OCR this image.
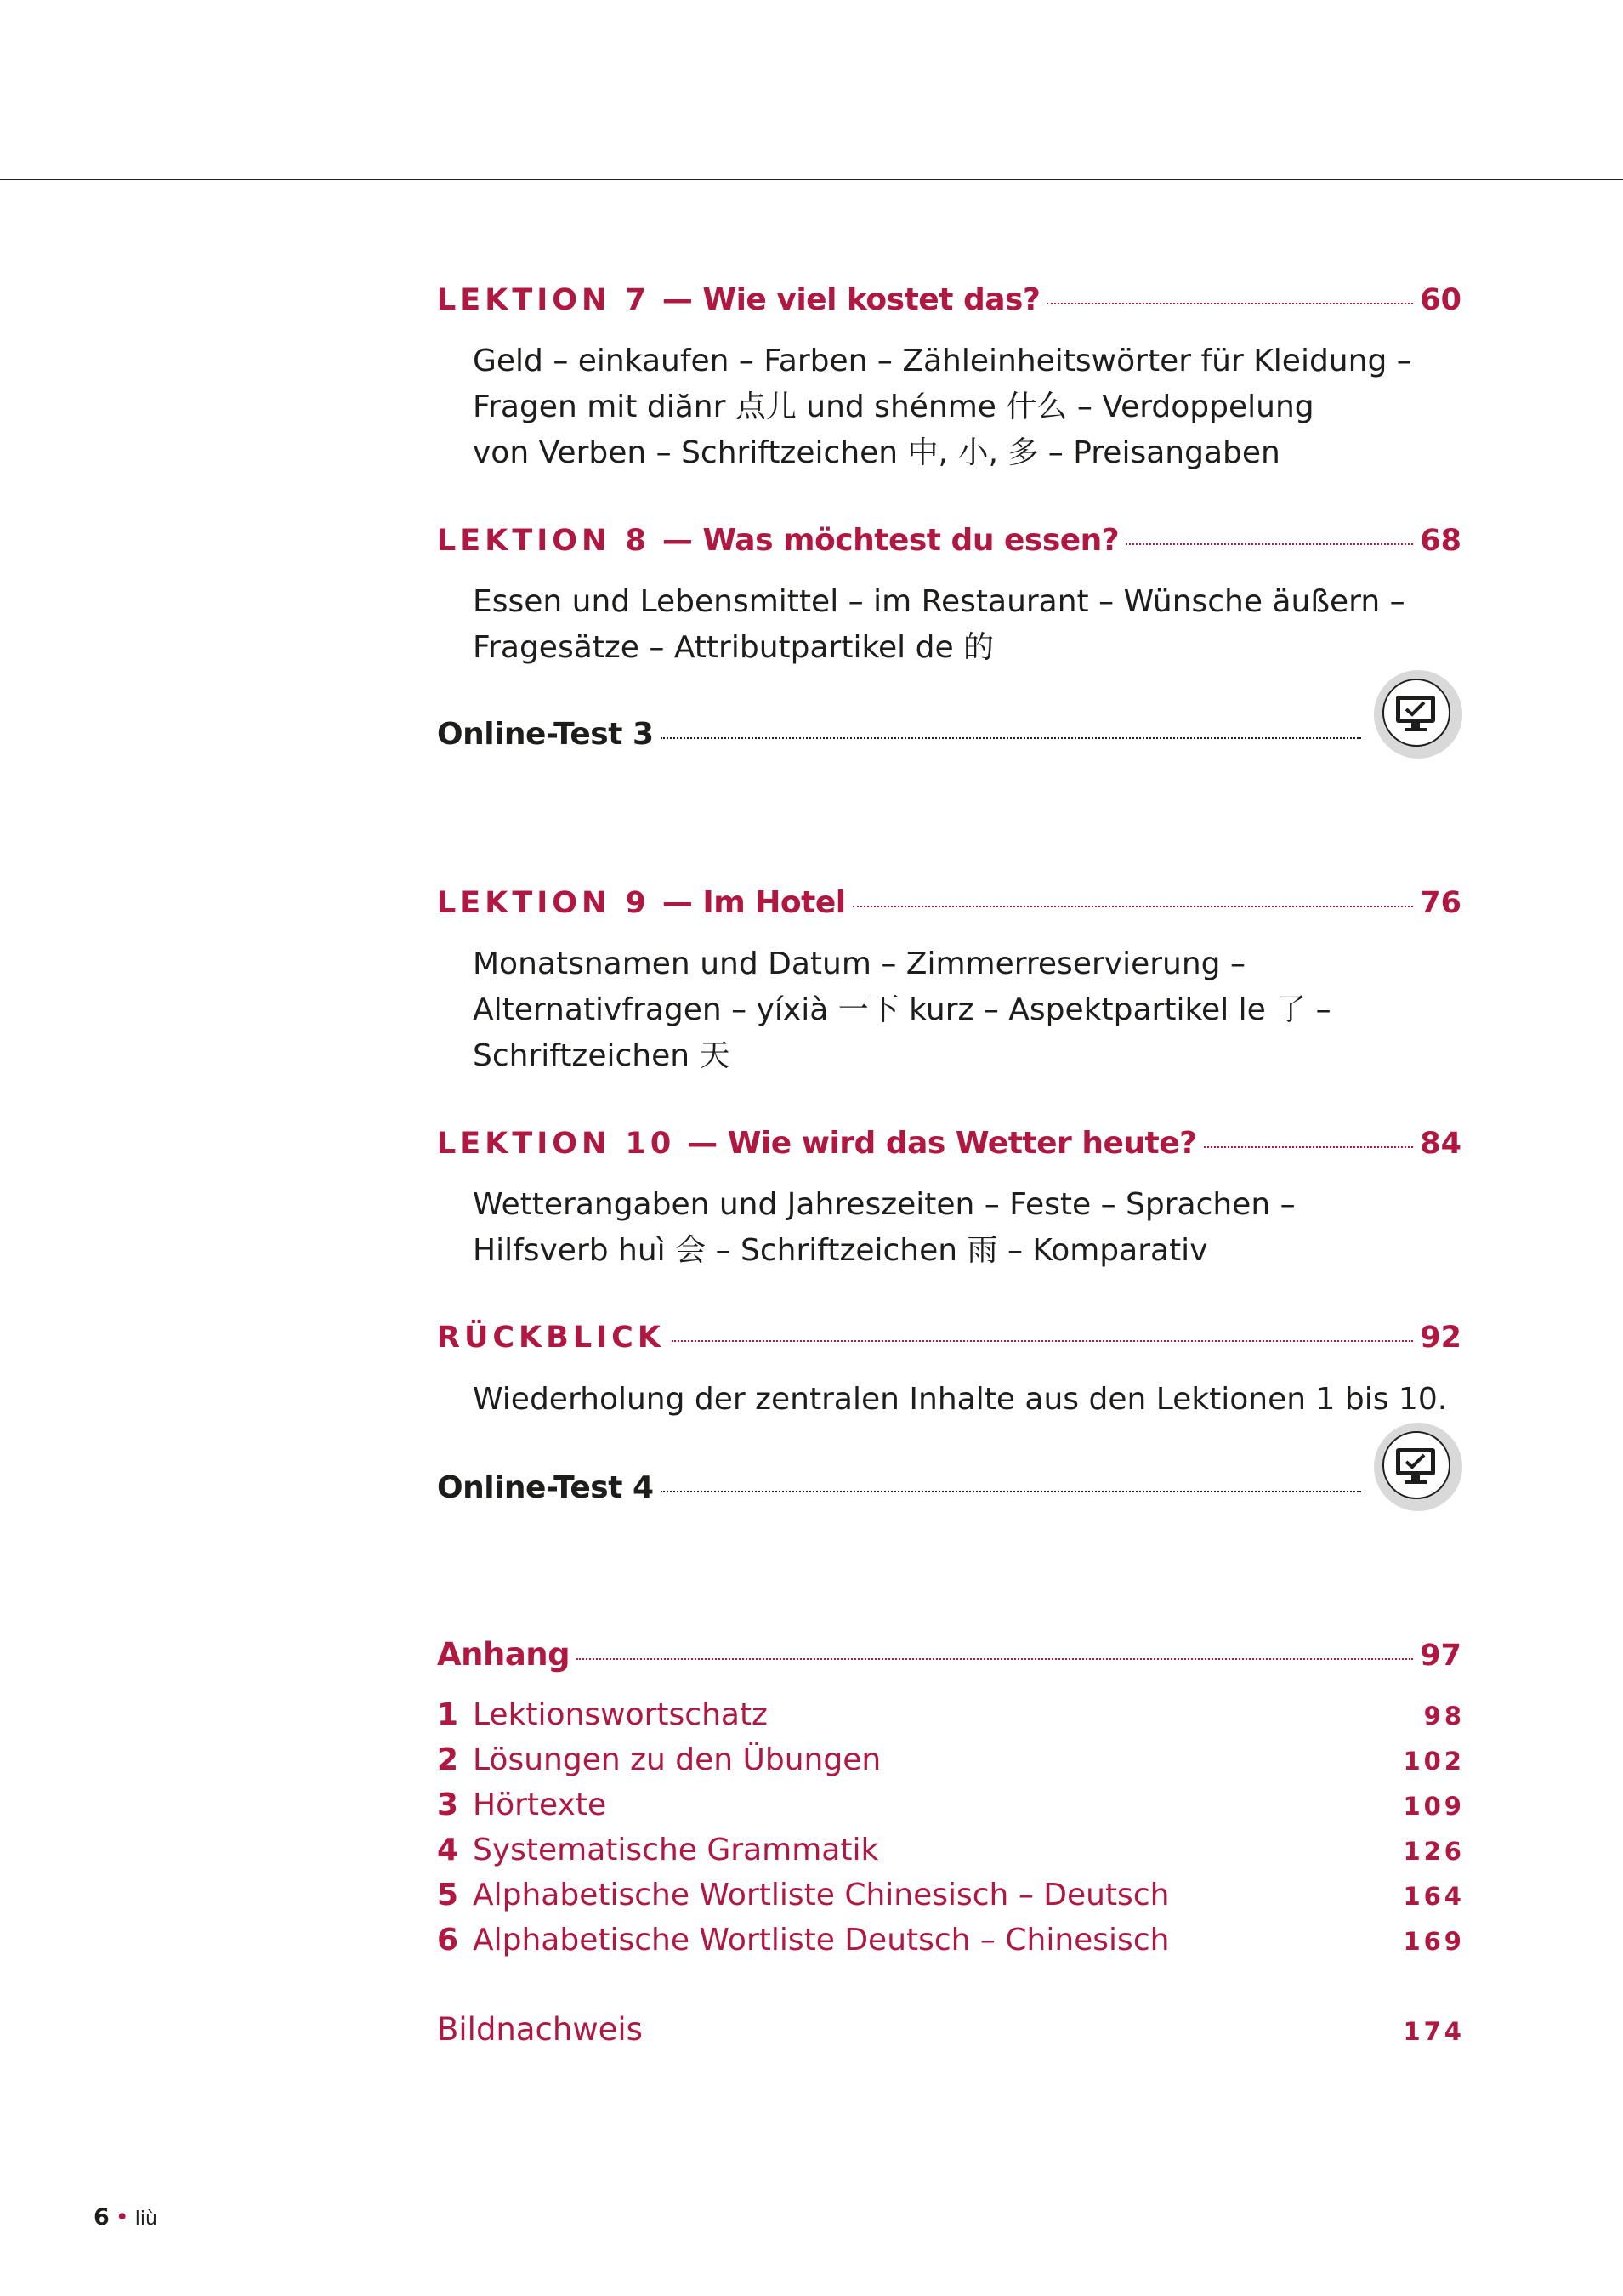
LEKTION 7 — Wie viel kostet das?	60
Geld – einkaufen – Farben – Zähleinheitswörter für Kleidung –
Fragen mit diănr 点儿 und shénme 什么 – Verdoppelung
von Verben – Schriftzeichen 中, 小, 多 – Preisangaben
LEKTION 8 — Was möchtest du essen?	68
Essen und Lebensmittel – im Restaurant – Wünsche äußern –
Fragesätze – Attributpartikel de 的
Online-Test 3
LEKTION 9 — Im Hotel	76
Monatsnamen und Datum – Zimmerreservierung –
Alternativfragen – yíxià 一下 kurz – Aspektpartikel le 了 –
Schriftzeichen 天
LEKTION 10 — Wie wird das Wetter heute?	84
Wetterangaben und Jahreszeiten – Feste – Sprachen –
Hilfsverb huì 会 – Schriftzeichen 雨 – Komparativ
RÜCKBLICK	92
Wiederholung der zentralen Inhalte aus den Lektionen 1 bis 10.
Online-Test 4
Anhang	97
1 Lektionswortschatz	98
2 Lösungen zu den Übungen	102
3 Hörtexte	109
4 Systematische Grammatik	126
5 Alphabetische Wortliste Chinesisch – Deutsch	164
6 Alphabetische Wortliste Deutsch – Chinesisch	169
Bildnachweis	174
6 • liù
